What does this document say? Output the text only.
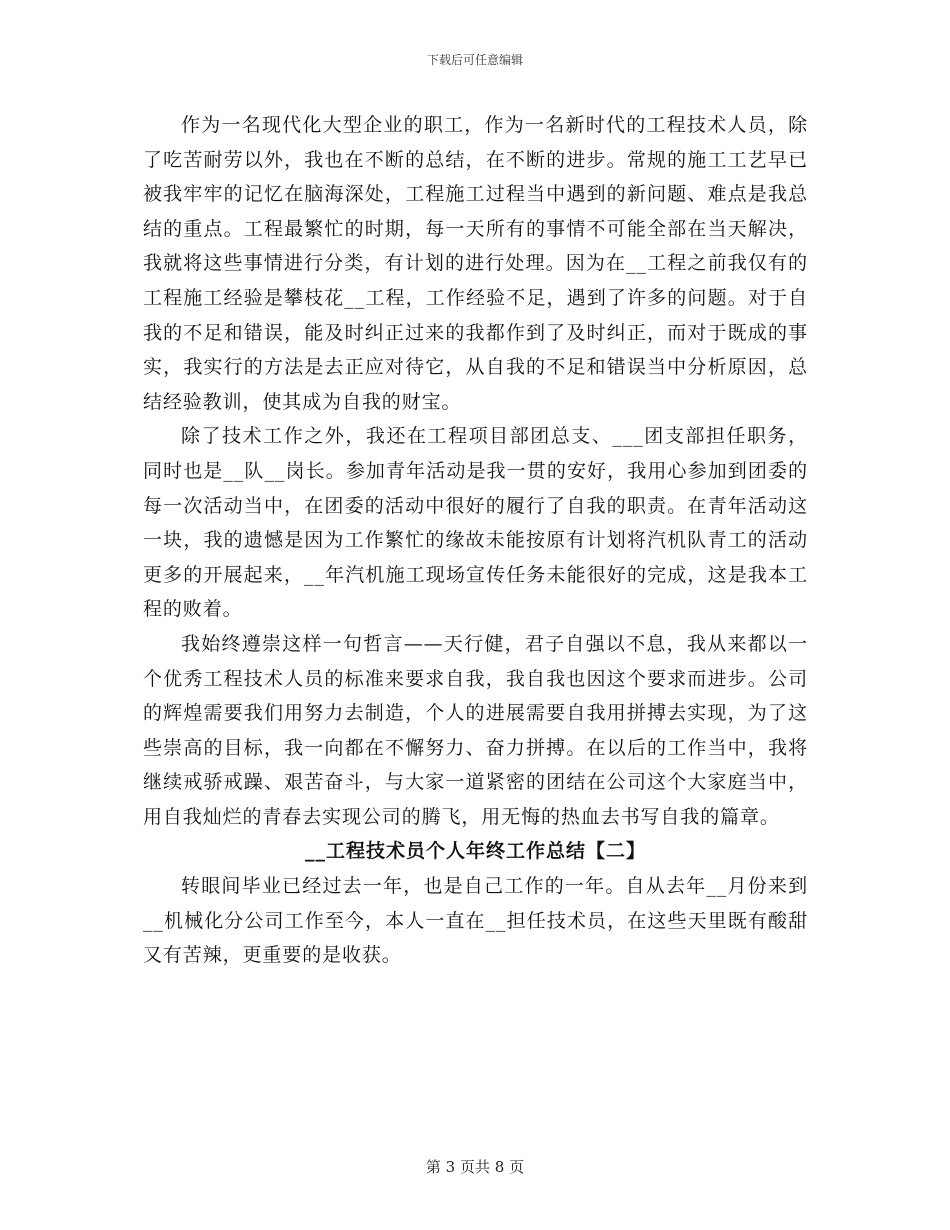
下载后可任意编辑

作为一名现代化大型企业的职工，作为一名新时代的工程技术人员，除了吃苦耐劳以外，我也在不断的总结，在不断的进步。常规的施工工艺早已被我牢牢的记忆在脑海深处，工程施工过程当中遇到的新问题、难点是我总结的重点。工程最繁忙的时期，每一天所有的事情不可能全部在当天解决，我就将这些事情进行分类，有计划的进行处理。因为在__工程之前我仅有的工程施工经验是攀枝花__工程，工作经验不足，遇到了许多的问题。对于自我的不足和错误，能及时纠正过来的我都作到了及时纠正，而对于既成的事实，我实行的方法是去正应对待它，从自我的不足和错误当中分析原因，总结经验教训，使其成为自我的财宝。

除了技术工作之外，我还在工程项目部团总支、___团支部担任职务，同时也是__队__岗长。参加青年活动是我一贯的安好，我用心参加到团委的每一次活动当中，在团委的活动中很好的履行了自我的职责。在青年活动这一块，我的遗憾是因为工作繁忙的缘故未能按原有计划将汽机队青工的活动更多的开展起来，__年汽机施工现场宣传任务未能很好的完成，这是我本工程的败着。

我始终遵崇这样一句哲言——天行健，君子自强以不息，我从来都以一个优秀工程技术人员的标准来要求自我，我自我也因这个要求而进步。公司的辉煌需要我们用努力去制造，个人的进展需要自我用拼搏去实现，为了这些崇高的目标，我一向都在不懈努力、奋力拼搏。在以后的工作当中，我将继续戒骄戒躁、艰苦奋斗，与大家一道紧密的团结在公司这个大家庭当中，用自我灿烂的青春去实现公司的腾飞，用无悔的热血去书写自我的篇章。

__工程技术员个人年终工作总结【二】

转眼间毕业已经过去一年，也是自己工作的一年。自从去年__月份来到__机械化分公司工作至今，本人一直在__担任技术员，在这些天里既有酸甜又有苦辣，更重要的是收获。

第 3 页共 8 页
